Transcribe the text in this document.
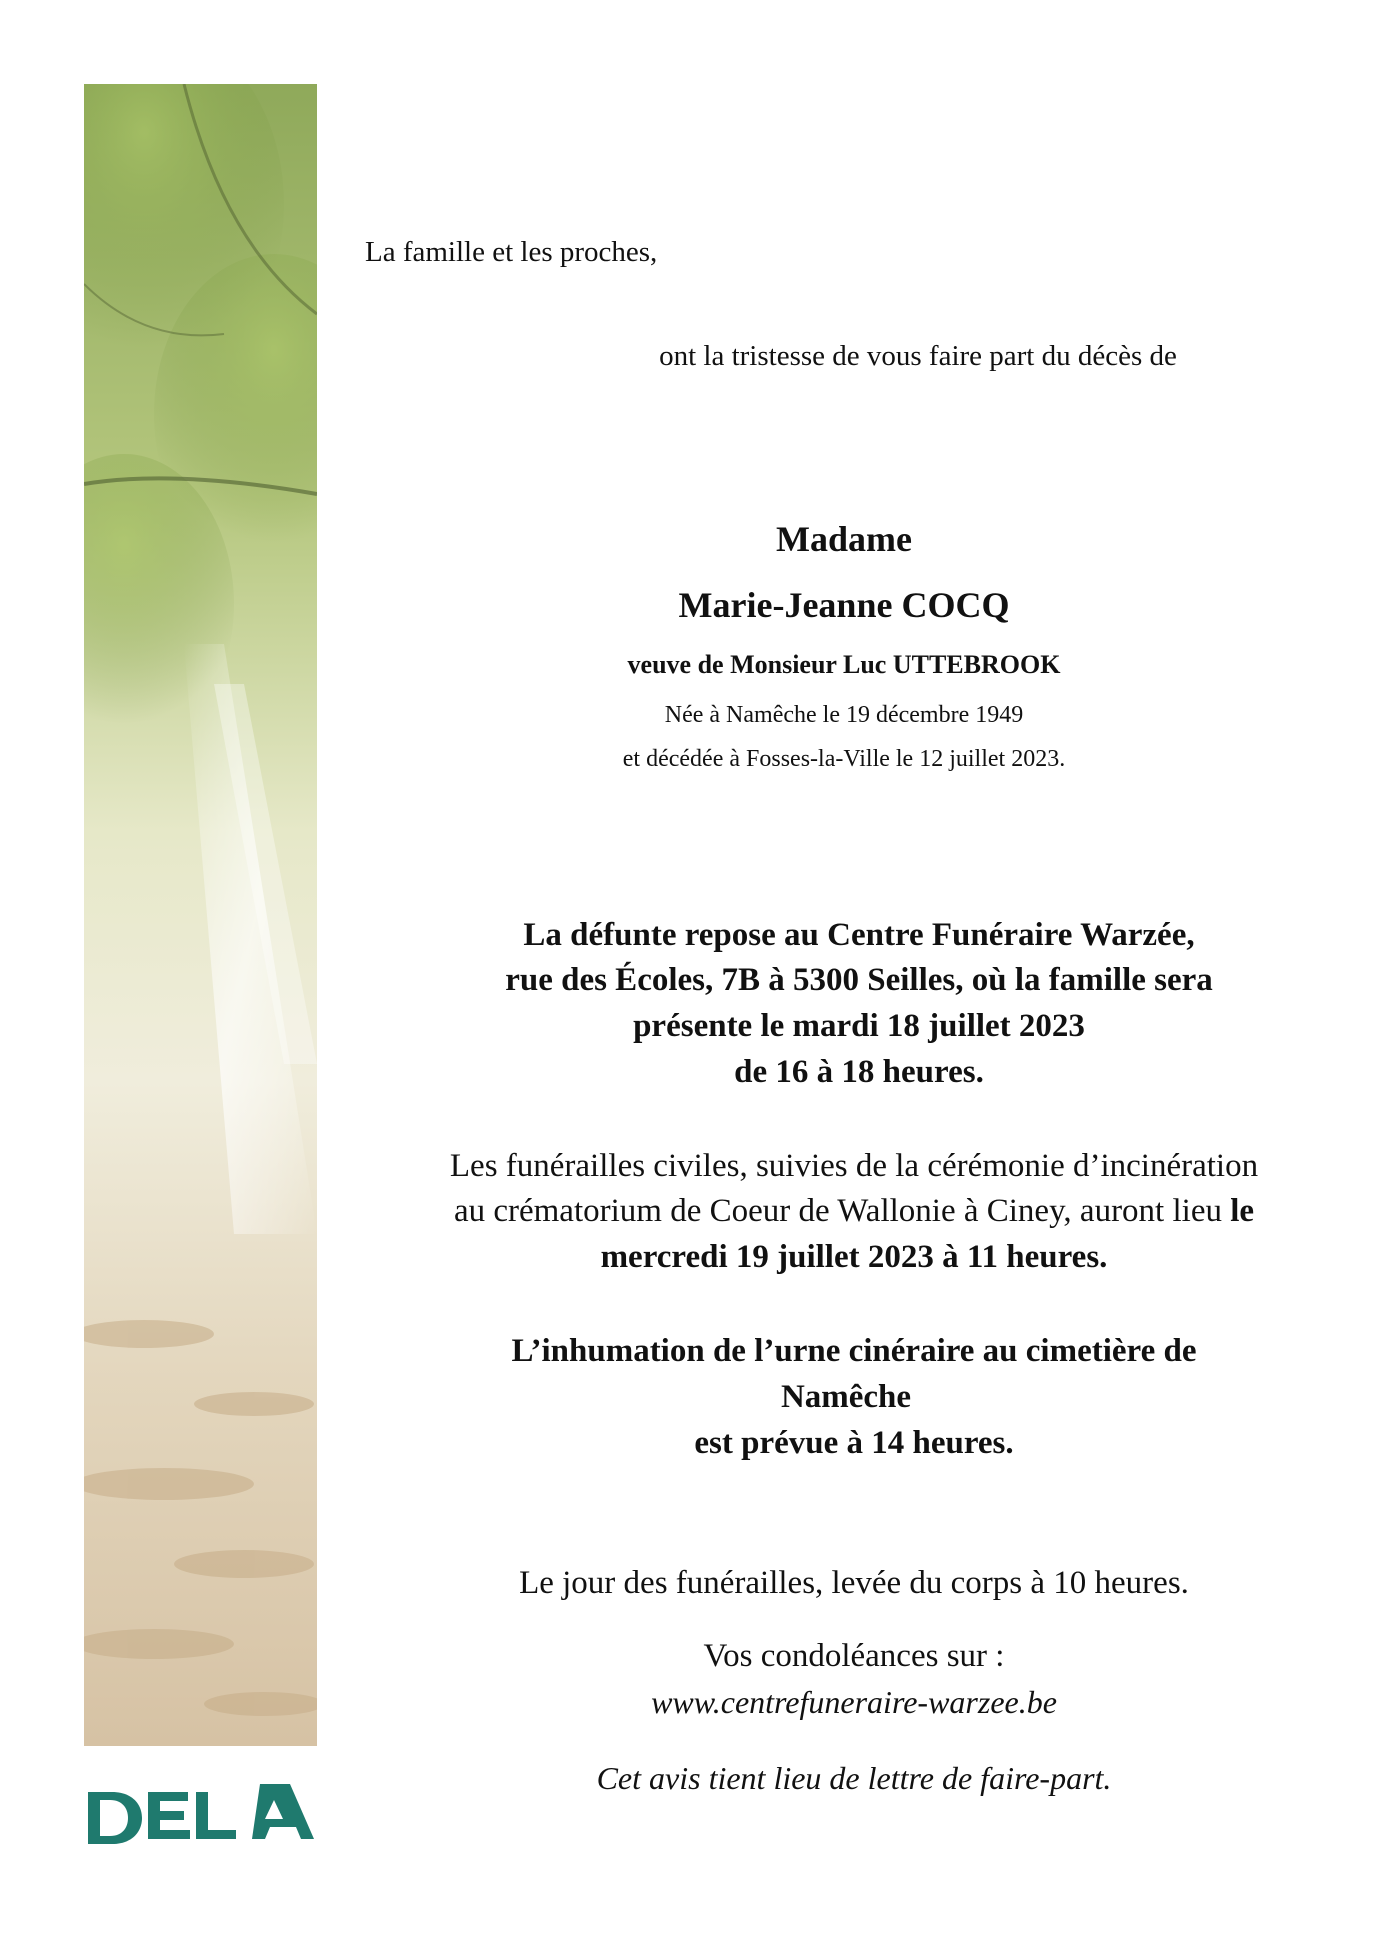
La famille et les proches,
ont la tristesse de vous faire part du décès de
Madame
Marie-Jeanne COCQ
veuve de Monsieur Luc UTTEBROOK
Née à Namêche le 19 décembre 1949
et décédée à Fosses-la-Ville le 12 juillet 2023.
La défunte repose au Centre Funéraire Warzée,
rue des Écoles, 7B à 5300 Seilles, où la famille sera
présente le mardi 18 juillet 2023
de 16 à 18 heures.
Les funérailles civiles, suivies de la cérémonie d’incinération
au crématorium de Coeur de Wallonie à Ciney, auront lieu le
mercredi 19 juillet 2023 à 11 heures.
L’inhumation de l’urne cinéraire au cimetière de
Namêche
est prévue à 14 heures.
Le jour des funérailles, levée du corps à 10 heures.
Vos condoléances sur :
www.centrefuneraire-warzee.be
Cet avis tient lieu de lettre de faire-part.
